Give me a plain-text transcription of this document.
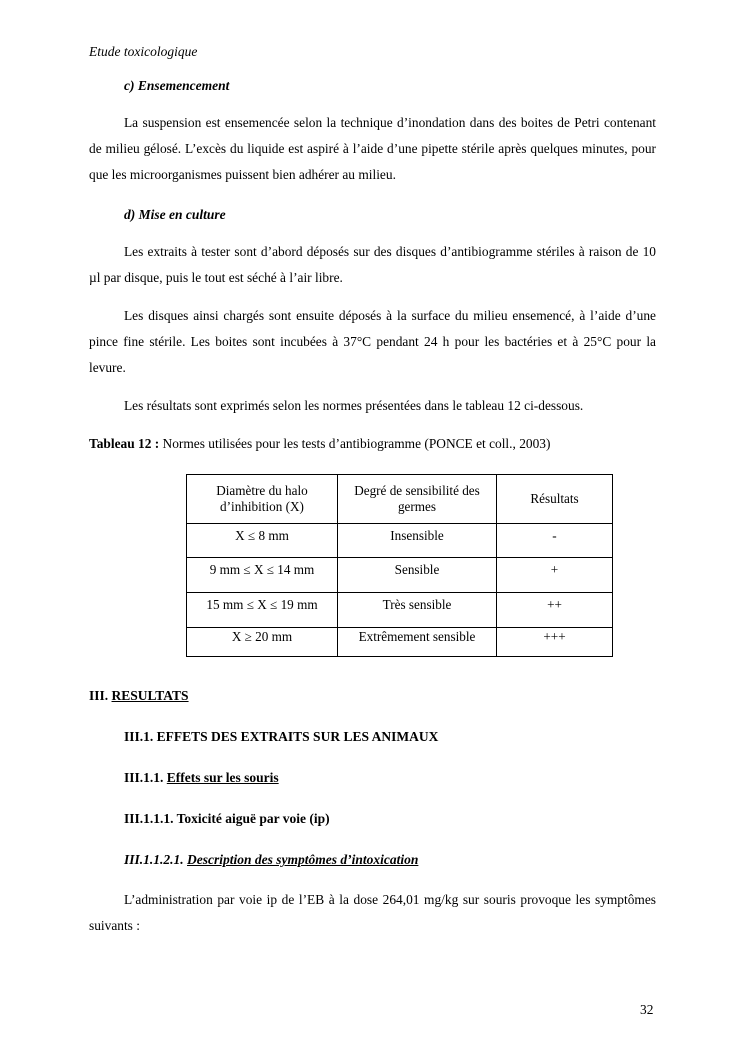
Etude toxicologique
c) Ensemencement

La suspension est ensemencée selon la technique d’inondation dans des boites de Petri contenant de milieu gélosé. L’excès du liquide est aspiré à l’aide d’une pipette stérile après quelques minutes, pour que les microorganismes puissent bien adhérer au milieu.

d) Mise en culture

Les extraits à tester sont d’abord déposés sur des disques d’antibiogramme stériles à raison de 10 µl par disque, puis le tout est séché à l’air libre.

Les disques ainsi chargés sont ensuite déposés à la surface du milieu ensemencé, à l’aide d’une pince fine stérile. Les boites sont incubées à 37°C pendant 24 h pour les bactéries et à 25°C pour la levure.

Les résultats sont exprimés selon les normes présentées dans le tableau 12 ci-dessous.

Tableau 12 : Normes utilisées pour les tests d’antibiogramme (PONCE et coll., 2003)
Diamètre du halo d’inhibition (X)	Degré de sensibilité des germes	Résultats
X ≤ 8 mm	Insensible	-
9 mm ≤ X ≤ 14 mm	Sensible	+
15 mm ≤ X ≤ 19 mm	Très sensible	++
X ≥ 20 mm	Extrêmement sensible	+++
III. RESULTATS
III.1. EFFETS DES EXTRAITS SUR LES ANIMAUX
III.1.1. Effets sur les souris
III.1.1.1. Toxicité aiguë par voie (ip)
III.1.1.2.1. Description des symptômes d’intoxication

L’administration par voie ip de l’EB à la dose 264,01 mg/kg sur souris provoque les symptômes suivants :

32
